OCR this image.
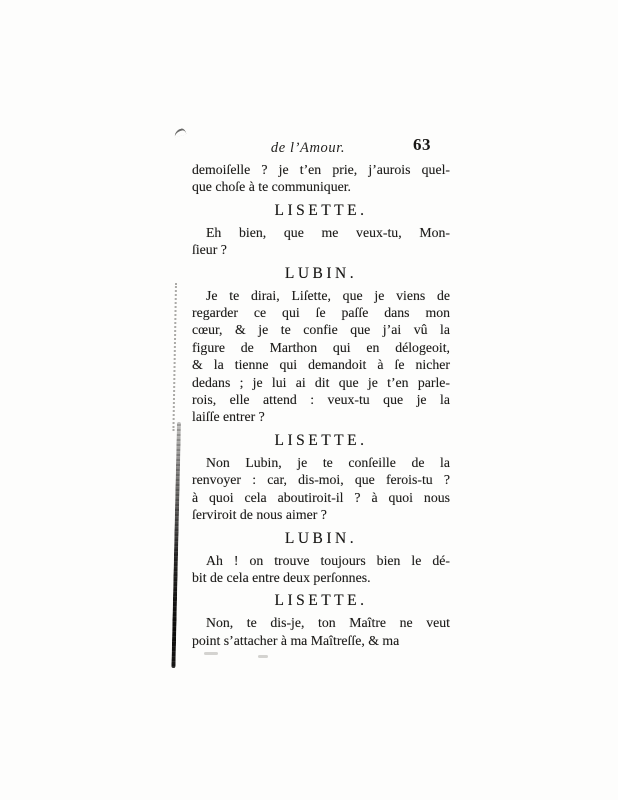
de l’Amour.	63
demoiſelle ? je t’en prie, j’aurois quel-
que choſe à te communiquer.
LISETTE.
Eh bien, que me veux-tu, Mon-
ſieur ?
LUBIN.
Je te dirai, Liſette, que je viens de
regarder ce qui ſe paſſe dans mon
cœur, & je te confie que j’ai vû la
figure de Marthon qui en délogeoit,
& la tienne qui demandoit à ſe nicher
dedans ; je lui ai dit que je t’en parle-
rois, elle attend : veux-tu que je la
laiſſe entrer ?
LISETTE.
Non Lubin, je te conſeille de la
renvoyer : car, dis-moi, que ferois-tu ?
à quoi cela aboutiroit-il ? à quoi nous
ſerviroit de nous aimer ?
LUBIN.
Ah ! on trouve toujours bien le dé-
bit de cela entre deux perſonnes.
LISETTE.
Non, te dis-je, ton Maître ne veut
point s’attacher à ma Maîtreſſe, & ma
